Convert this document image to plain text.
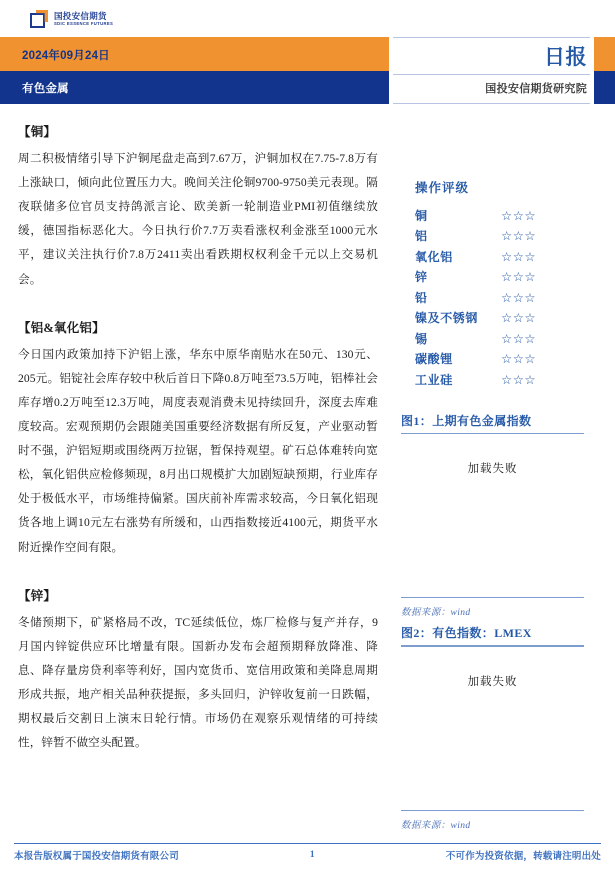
国投安信期货
SDIC ESSENCE FUTURES
2024年09月24日
有色金属
日报
国投安信期货研究院
【铜】
周二积极情绪引导下沪铜尾盘走高到7.67万，沪铜加权在7.75-7.8万有上涨缺口，倾向此位置压力大。晚间关注伦铜9700-9750美元表现。隔夜联储多位官员支持鸽派言论、欧美新一轮制造业PMI初值继续放缓，德国指标恶化大。今日执行价7.7万卖看涨权利金涨至1000元水平，建议关注执行价7.8万2411卖出看跌期权权利金千元以上交易机会。
【铝&氧化铝】
今日国内政策加持下沪铝上涨，华东中原华南贴水在50元、130元、205元。铝锭社会库存较中秋后首日下降0.8万吨至73.5万吨，铝棒社会库存增0.2万吨至12.3万吨，周度表观消费未见持续回升，深度去库难度较高。宏观预期仍会跟随美国重要经济数据有所反复，产业驱动暂时不强，沪铝短期或围绕两万拉锯，暂保持观望。矿石总体难转向宽松，氧化铝供应检修频现，8月出口规模扩大加剧短缺预期，行业库存处于极低水平，市场维持偏紧。国庆前补库需求较高，今日氧化铝现货各地上调10元左右涨势有所缓和，山西指数接近4100元，期货平水附近操作空间有限。
【锌】
冬储预期下，矿紧格局不改，TC延续低位，炼厂检修与复产并存，9月国内锌锭供应环比增量有限。国新办发布会超预期释放降准、降息、降存量房贷利率等利好，国内宽货币、宽信用政策和美降息周期形成共振，地产相关品种获提振，多头回归，沪锌收复前一日跌幅，期权最后交割日上演末日轮行情。市场仍在观察乐观情绪的可持续性，锌暂不做空头配置。
操作评级
铜	☆☆☆
铝	☆☆☆
氧化铝	☆☆☆
锌	☆☆☆
铅	☆☆☆
镍及不锈钢	☆☆☆
锡	☆☆☆
碳酸锂	☆☆☆
工业硅	☆☆☆
图1：上期有色金属指数
加载失败
数据来源：wind
图2：有色指数：LMEX
加载失败
数据来源：wind
本报告版权属于国投安信期货有限公司	1	不可作为投资依据，转载请注明出处
